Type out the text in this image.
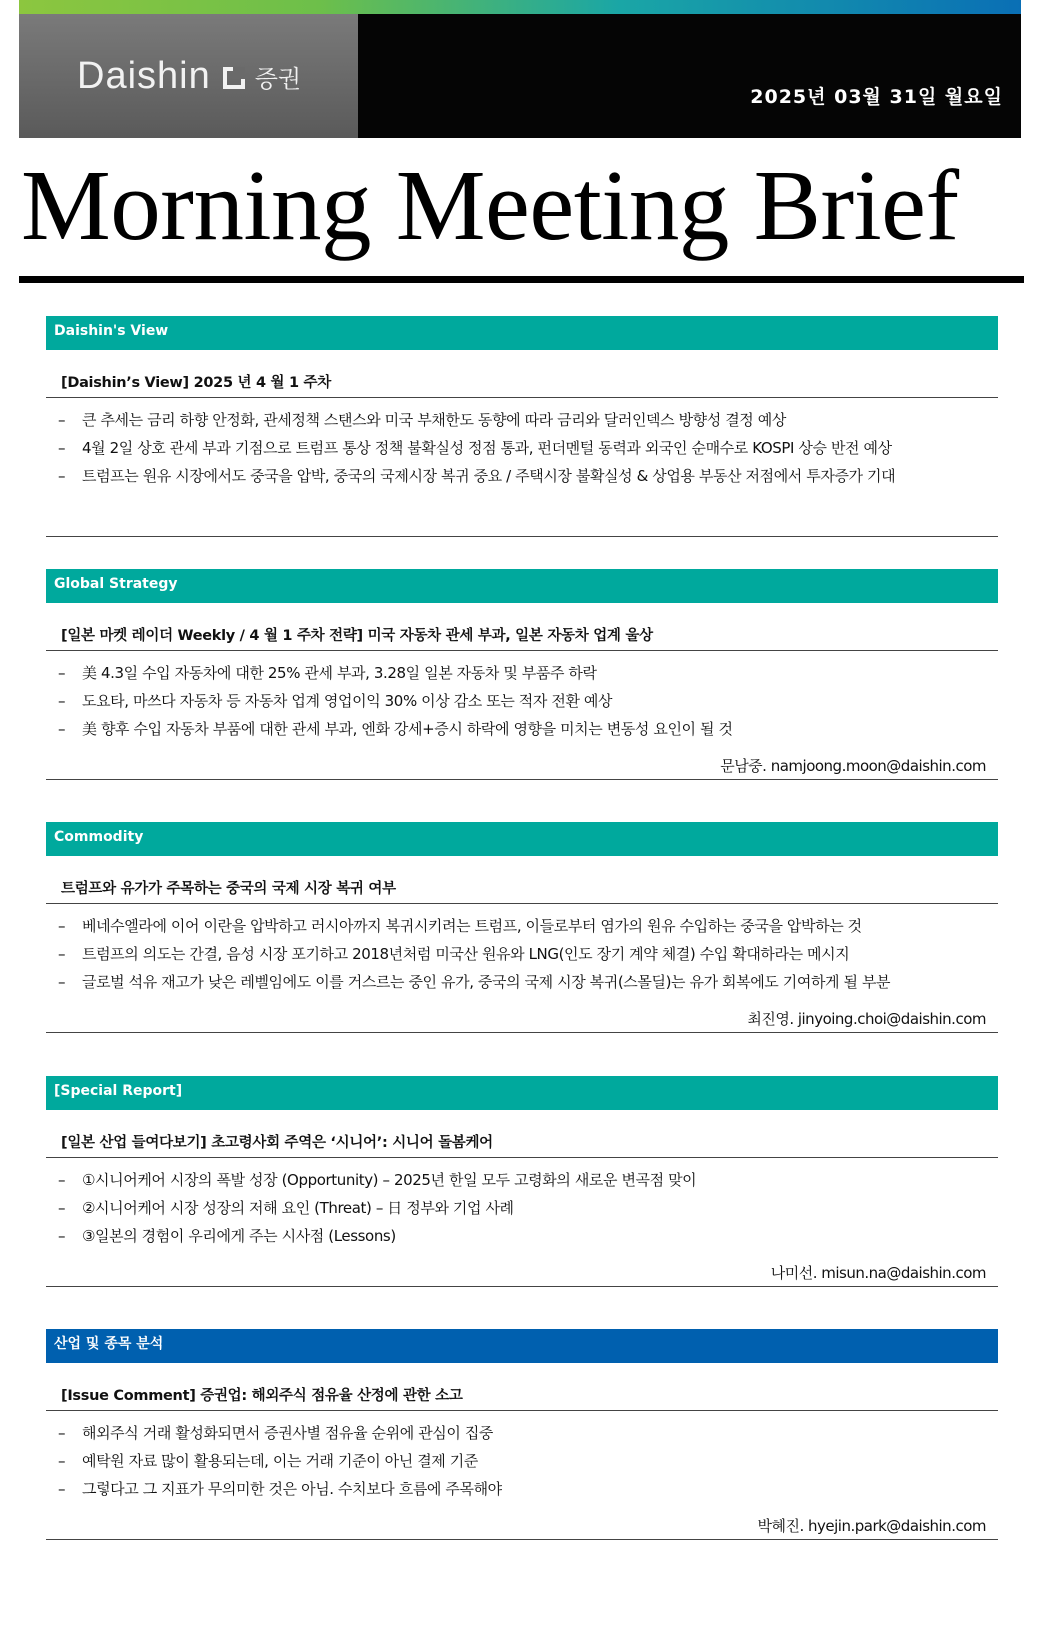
Daishin 증권
2025년 03월 31일 월요일
Morning Meeting Brief
Daishin's View
[Daishin’s View] 2025 년 4 월 1 주차
– 큰 추세는 금리 하향 안정화, 관세정책 스탠스와 미국 부채한도 동향에 따라 금리와 달러인덱스 방향성 결정 예상
– 4월 2일 상호 관세 부과 기점으로 트럼프 통상 정책 불확실성 정점 통과, 펀더멘털 동력과 외국인 순매수로 KOSPI 상승 반전 예상
– 트럼프는 원유 시장에서도 중국을 압박, 중국의 국제시장 복귀 중요 / 주택시장 불확실성 & 상업용 부동산 저점에서 투자증가 기대
Global Strategy
[일본 마켓 레이더 Weekly / 4 월 1 주차 전략] 미국 자동차 관세 부과, 일본 자동차 업계 울상
– 美 4.3일 수입 자동차에 대한 25% 관세 부과, 3.28일 일본 자동차 및 부품주 하락
– 도요타, 마쓰다 자동차 등 자동차 업계 영업이익 30% 이상 감소 또는 적자 전환 예상
– 美 향후 수입 자동차 부품에 대한 관세 부과, 엔화 강세+증시 하락에 영향을 미치는 변동성 요인이 될 것
문남중. namjoong.moon@daishin.com
Commodity
트럼프와 유가가 주목하는 중국의 국제 시장 복귀 여부
– 베네수엘라에 이어 이란을 압박하고 러시아까지 복귀시키려는 트럼프, 이들로부터 염가의 원유 수입하는 중국을 압박하는 것
– 트럼프의 의도는 간결, 음성 시장 포기하고 2018년처럼 미국산 원유와 LNG(인도 장기 계약 체결) 수입 확대하라는 메시지
– 글로벌 석유 재고가 낮은 레벨임에도 이를 거스르는 중인 유가, 중국의 국제 시장 복귀(스몰딜)는 유가 회복에도 기여하게 될 부분
최진영. jinyoing.choi@daishin.com
[Special Report]
[일본 산업 들여다보기] 초고령사회 주역은 ‘시니어’: 시니어 돌봄케어
– ①시니어케어 시장의 폭발 성장 (Opportunity) – 2025년 한일 모두 고령화의 새로운 변곡점 맞이
– ②시니어케어 시장 성장의 저해 요인 (Threat) – 日 정부와 기업 사례
– ③일본의 경험이 우리에게 주는 시사점 (Lessons)
나미선. misun.na@daishin.com
산업 및 종목 분석
[Issue Comment] 증권업: 해외주식 점유율 산정에 관한 소고
– 해외주식 거래 활성화되면서 증권사별 점유율 순위에 관심이 집중
– 예탁원 자료 많이 활용되는데, 이는 거래 기준이 아닌 결제 기준
– 그렇다고 그 지표가 무의미한 것은 아님. 수치보다 흐름에 주목해야
박혜진. hyejin.park@daishin.com
